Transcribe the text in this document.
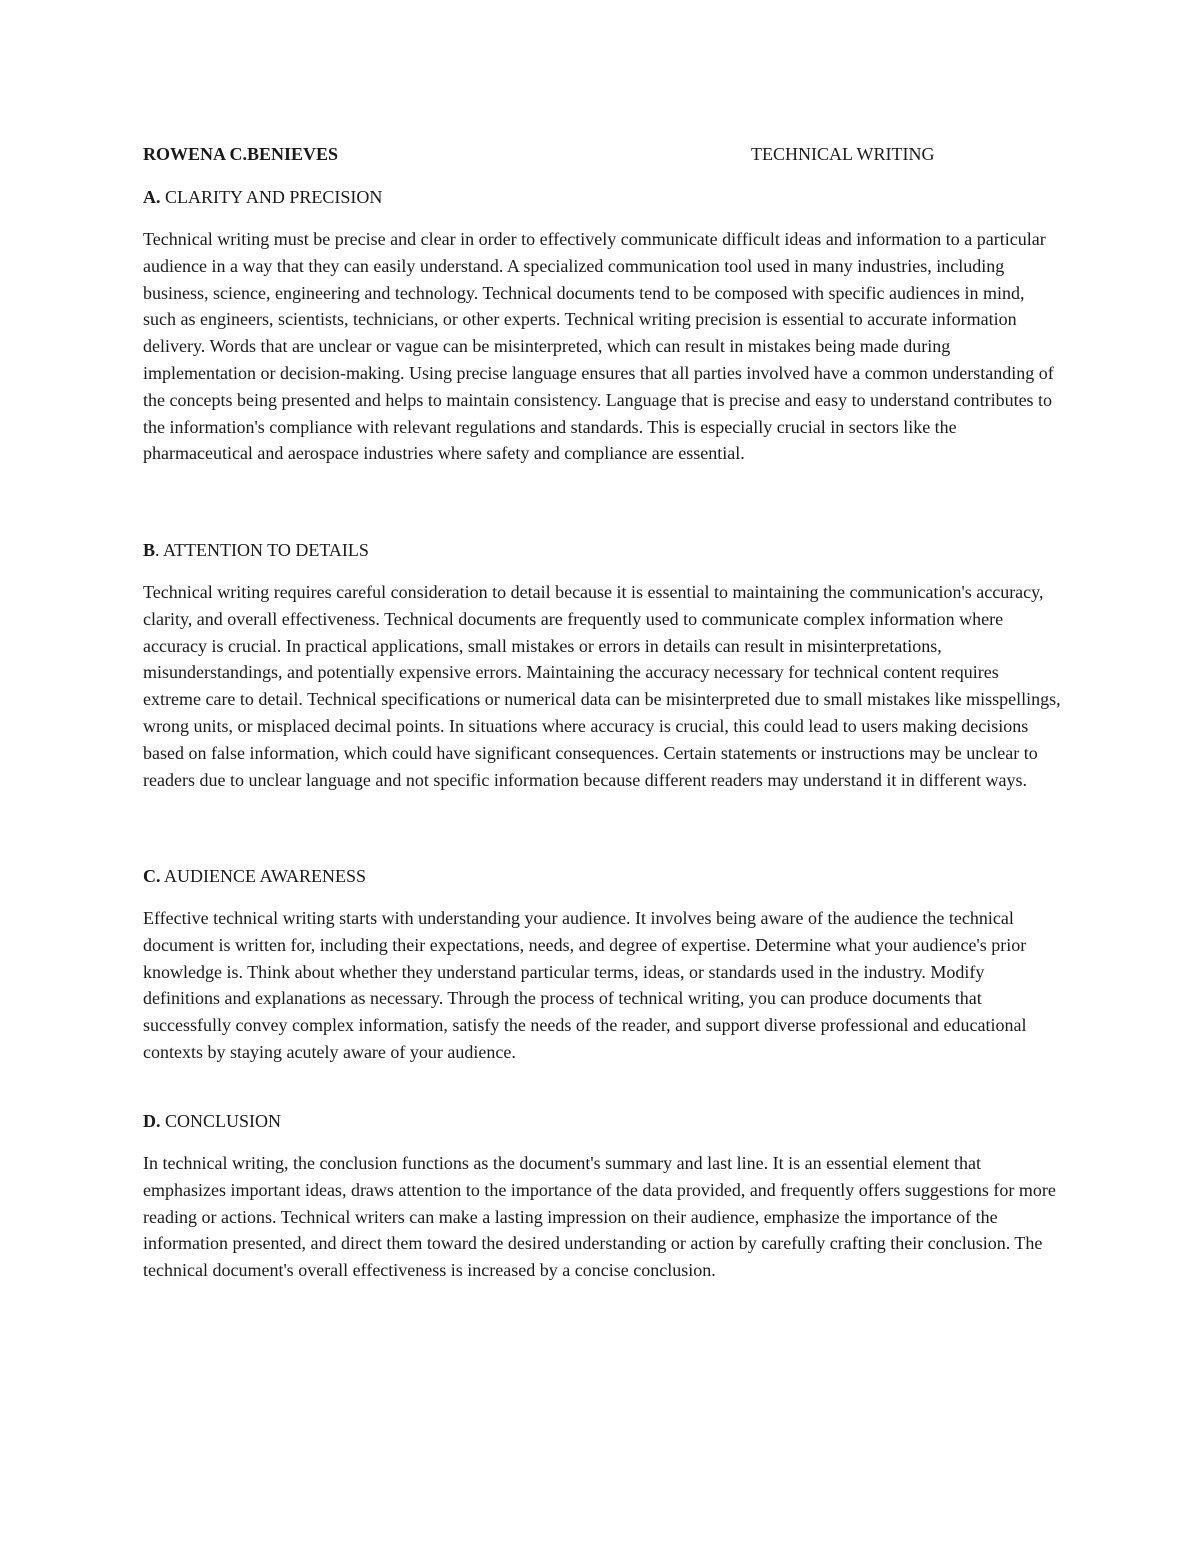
ROWENA C.BENIEVES	TECHNICAL WRITING

A. CLARITY AND PRECISION

Technical writing must be precise and clear in order to effectively communicate difficult ideas and information to a particular audience in a way that they can easily understand. A specialized communication tool used in many industries, including business, science, engineering and technology. Technical documents tend to be composed with specific audiences in mind, such as engineers, scientists, technicians, or other experts. Technical writing precision is essential to accurate information delivery. Words that are unclear or vague can be misinterpreted, which can result in mistakes being made during implementation or decision-making. Using precise language ensures that all parties involved have a common understanding of the concepts being presented and helps to maintain consistency. Language that is precise and easy to understand contributes to the information's compliance with relevant regulations and standards. This is especially crucial in sectors like the pharmaceutical and aerospace industries where safety and compliance are essential.

B. ATTENTION TO DETAILS

Technical writing requires careful consideration to detail because it is essential to maintaining the communication's accuracy, clarity, and overall effectiveness. Technical documents are frequently used to communicate complex information where accuracy is crucial. In practical applications, small mistakes or errors in details can result in misinterpretations, misunderstandings, and potentially expensive errors. Maintaining the accuracy necessary for technical content requires extreme care to detail. Technical specifications or numerical data can be misinterpreted due to small mistakes like misspellings, wrong units, or misplaced decimal points. In situations where accuracy is crucial, this could lead to users making decisions based on false information, which could have significant consequences. Certain statements or instructions may be unclear to readers due to unclear language and not specific information because different readers may understand it in different ways.

C. AUDIENCE AWARENESS

Effective technical writing starts with understanding your audience. It involves being aware of the audience the technical document is written for, including their expectations, needs, and degree of expertise. Determine what your audience's prior knowledge is. Think about whether they understand particular terms, ideas, or standards used in the industry. Modify definitions and explanations as necessary. Through the process of technical writing, you can produce documents that successfully convey complex information, satisfy the needs of the reader, and support diverse professional and educational contexts by staying acutely aware of your audience.

D. CONCLUSION

In technical writing, the conclusion functions as the document's summary and last line. It is an essential element that emphasizes important ideas, draws attention to the importance of the data provided, and frequently offers suggestions for more reading or actions. Technical writers can make a lasting impression on their audience, emphasize the importance of the information presented, and direct them toward the desired understanding or action by carefully crafting their conclusion. The technical document's overall effectiveness is increased by a concise conclusion.
